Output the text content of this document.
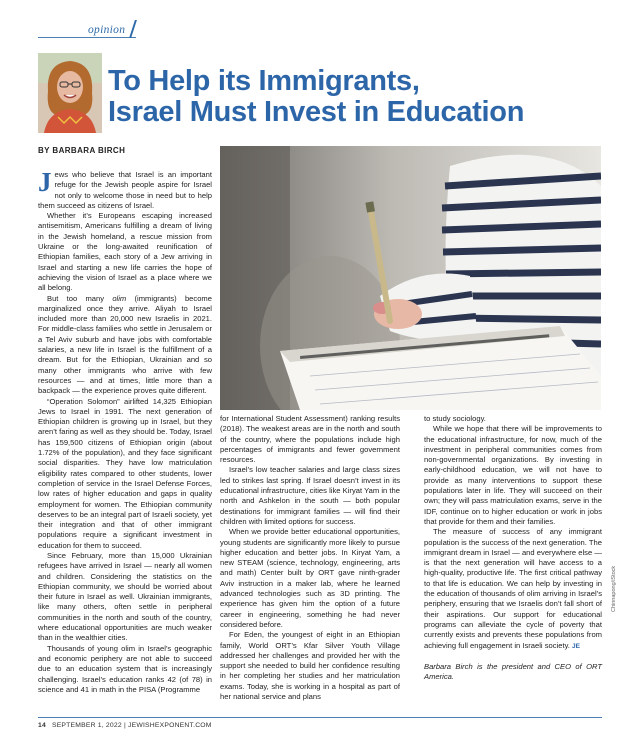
opinion
To Help its Immigrants,
Israel Must Invest in Education
BY BARBARA BIRCH

Jews who believe that Israel is an important refuge for the Jewish people aspire for Israel not only to welcome those in need but to help them succeed as citizens of Israel.

Whether it’s Europeans escaping increased antisemitism, Americans fulfilling a dream of living in the Jewish homeland, a rescue mission from Ukraine or the long-awaited reunification of Ethiopian families, each story of a Jew arriving in Israel and starting a new life carries the hope of achieving the vision of Israel as a place where we all belong.

But too many olim (immigrants) become marginalized once they arrive. Aliyah to Israel included more than 20,000 new Israelis in 2021. For middle-class families who settle in Jerusalem or a Tel Aviv suburb and have jobs with comfortable salaries, a new life in Israel is the fulfillment of a dream. But for the Ethiopian, Ukrainian and so many other immigrants who arrive with few resources — and at times, little more than a backpack — the experience proves quite different.

“Operation Solomon” airlifted 14,325 Ethiopian Jews to Israel in 1991. The next generation of Ethiopian children is growing up in Israel, but they aren’t faring as well as they should be. Today, Israel has 159,500 citizens of Ethiopian origin (about 1.72% of the population), and they face significant social disparities. They have low matriculation eligibility rates compared to other students, lower completion of service in the Israel Defense Forces, low rates of higher education and gaps in quality employment for women. The Ethiopian community deserves to be an integral part of Israeli society, yet their integration and that of other immigrant populations require a significant investment in education for them to succeed.

Since February, more than 15,000 Ukrainian refugees have arrived in Israel — nearly all women and children. Considering the statistics on the Ethiopian community, we should be worried about their future in Israel as well. Ukrainian immigrants, like many others, often settle in peripheral communities in the north and south of the country, where educational opportunities are much weaker than in the wealthier cities.

Thousands of young olim in Israel’s geographic and economic periphery are not able to succeed due to an education system that is increasingly challenging. Israel’s education ranks 42 (of 78) in science and 41 in math in the PISA (Programme

for International Student Assessment) ranking results (2018). The weakest areas are in the north and south of the country, where the populations include high percentages of immigrants and fewer government resources.

Israel’s low teacher salaries and large class sizes led to strikes last spring. If Israel doesn’t invest in its educational infrastructure, cities like Kiryat Yam in the north and Ashkelon in the south — both popular destinations for immigrant families — will find their children with limited options for success.

When we provide better educational opportunities, young students are significantly more likely to pursue higher education and better jobs. In Kiryat Yam, a new STEAM (science, technology, engineering, arts and math) Center built by ORT gave ninth-grader Aviv instruction in a maker lab, where he learned advanced technologies such as 3D printing. The experience has given him the option of a future career in engineering, something he had never considered before.

For Eden, the youngest of eight in an Ethiopian family, World ORT’s Kfar Silver Youth Village addressed her challenges and provided her with the support she needed to build her confidence resulting in her completing her studies and her matriculation exams. Today, she is working in a hospital as part of her national service and plans

to study sociology.

While we hope that there will be improvements to the educational infrastructure, for now, much of the investment in peripheral communities comes from non-governmental organizations. By investing in early-childhood education, we will not have to provide as many interventions to support these populations later in life. They will succeed on their own; they will pass matriculation exams, serve in the IDF, continue on to higher education or work in jobs that provide for them and their families.

The measure of success of any immigrant population is the success of the next generation. The immigrant dream in Israel — and everywhere else — is that the next generation will have access to a high-quality, productive life. The first critical pathway to that life is education. We can help by investing in the education of thousands of olim arriving in Israel’s periphery, ensuring that we Israelis don’t fall short of their aspirations. Our support for educational programs can alleviate the cycle of poverty that currently exists and prevents these populations from achieving full engagement in Israeli society. JE

Barbara Birch is the president and CEO of ORT America.

Chinnapong/iStock
14 SEPTEMBER 1, 2022 | JEWISHEXPONENT.COM
